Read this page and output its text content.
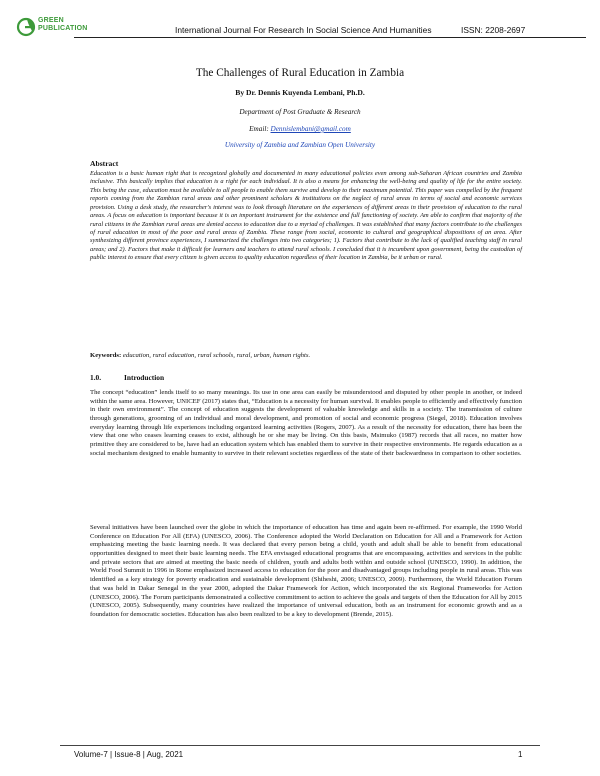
GREEN
PUBLICATION	International Journal For Research In Social Science And Humanities	ISSN: 2208-2697
The Challenges of Rural Education in Zambia
By Dr. Dennis Kuyenda Lembani, Ph.D.
Department of Post Graduate & Research
Email: Dennislembani@gmail.com
University of Zambia and Zambian Open University
Abstract

Education is a basic human right that is recognized globally and documented in many educational policies even among sub-Saharan African countries and Zambia inclusive. This basically implies that education is a right for each individual. It is also a means for enhancing the well-being and quality of life for the entire society. This being the case, education must be available to all people to enable them survive and develop to their maximum potential. This paper was compelled by the frequent reports coming from the Zambian rural areas and other prominent scholars & institutions on the neglect of rural areas in terms of social and economic services provision. Using a desk study, the researcher's interest was to look through literature on the experiences of different areas in their provision of education to the rural areas. A focus on education is important because it is an important instrument for the existence and full functioning of society. Am able to confirm that majority of the rural citizens in the Zambian rural areas are denied access to education due to a myriad of challenges. It was established that many factors contribute to the challenges of rural education in most of the poor and rural areas of Zambia. These range from social, economic to cultural and geographical dispositions of an area. After synthesizing different province experiences, I summarized the challenges into two categories; 1). Factors that contribute to the lack of qualified teaching staff in rural areas; and 2). Factors that make it difficult for learners and teachers to attend rural schools. I concluded that it is incumbent upon government, being the custodian of public interest to ensure that every citizen is given access to quality education regardless of their location in Zambia, be it urban or rural.

Keywords: education, rural education, rural schools, rural, urban, human rights.
1.0.	Introduction

The concept “education” lends itself to so many meanings. Its use in one area can easily be misunderstood and disputed by other people in another, or indeed within the same area. However, UNICEF (2017) states that, “Education is a necessity for human survival. It enables people to efficiently and effectively function in their own environment”. The concept of education suggests the development of valuable knowledge and skills in a society. The transmission of culture through generations, grooming of an individual and moral development, and promotion of social and economic progress (Siegel, 2018). Education involves everyday learning through life experiences including organized learning activities (Rogers, 2007). As a result of the necessity for education, there has been the view that one who ceases learning ceases to exist, although he or she may be living. On this basis, Msimuko (1987) records that all races, no matter how primitive they are considered to be, have had an education system which has enabled them to survive in their respective environments. He regards education as a social mechanism designed to enable humanity to survive in their relevant societies regardless of the state of their backwardness in comparison to other societies.

Several initiatives have been launched over the globe in which the importance of education has time and again been re-affirmed. For example, the 1990 World Conference on Education For All (EFA) (UNESCO, 2006). The Conference adopted the World Declaration on Education for All and a Framework for Action emphasizing meeting the basic learning needs. It was declared that every person being a child, youth and adult shall be able to benefit from educational opportunities designed to meet their basic learning needs. The EFA envisaged educational programs that are encompassing, activities and services in the public and private sectors that are aimed at meeting the basic needs of children, youth and adults both within and outside school (UNESCO, 1990). In addition, the World Food Summit in 1996 in Rome emphasized increased access to education for the poor and disadvantaged groups including people in rural areas. This was identified as a key strategy for poverty eradication and sustainable development (Shiheshi, 2006; UNESCO, 2009). Furthermore, the World Education Forum that was held in Dakar Senegal in the year 2000, adopted the Dakar Framework for Action, which incorporated the six Regional Frameworks for Action (UNESCO, 2006). The Forum participants demonstrated a collective commitment to action to achieve the goals and targets of then the Education for All by 2015 (UNESCO, 2005). Subsequently, many countries have realized the importance of universal education, both as an instrument for economic growth and as a foundation for democratic societies. Education has also been realized to be a key to development (Brende, 2015).

Volume-7 | Issue-8 | Aug, 2021	1
